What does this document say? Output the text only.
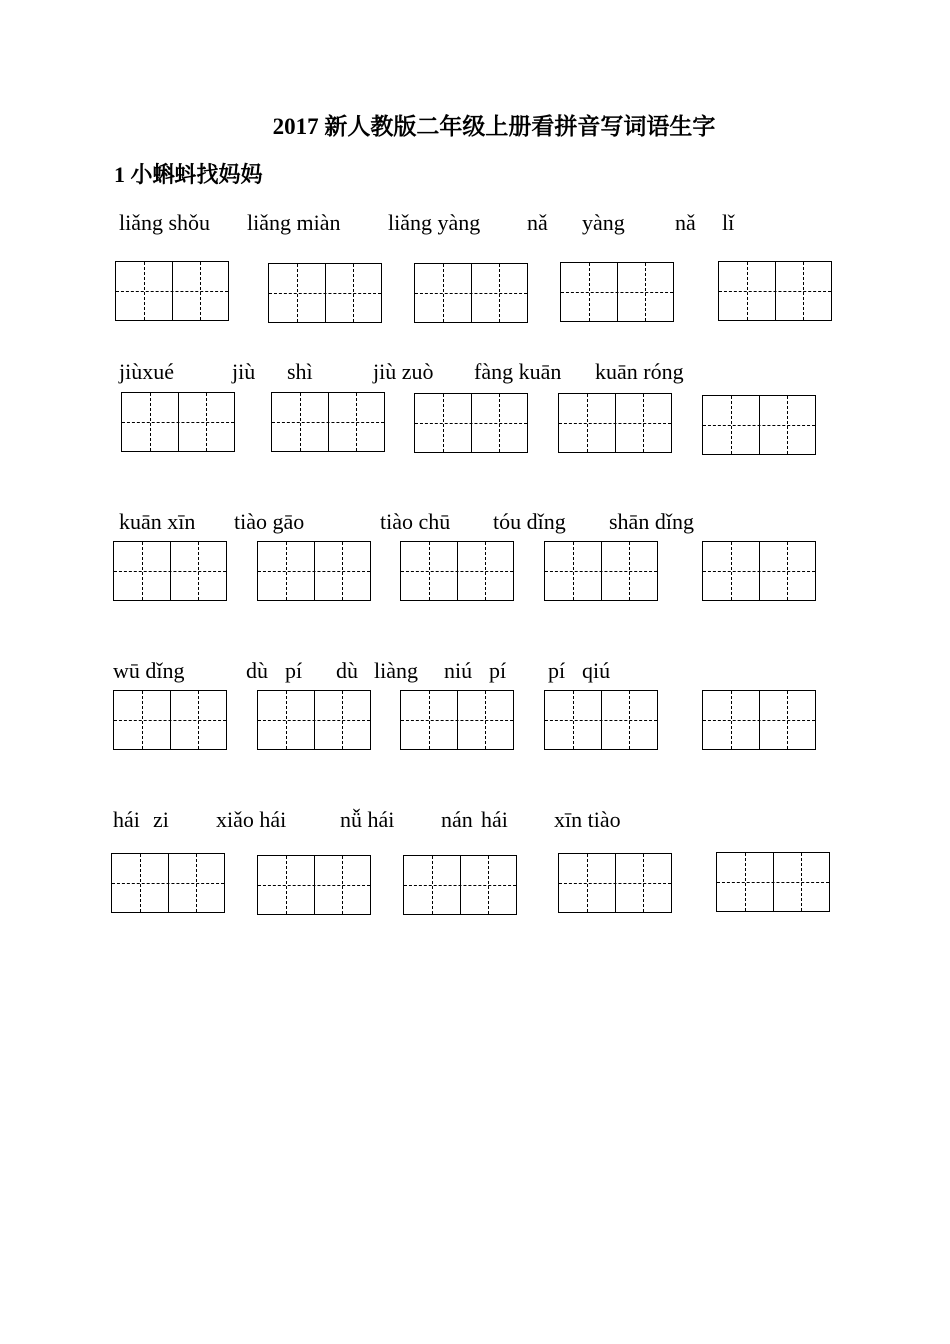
2017 新人教版二年级上册看拼音写词语生字
1 小蝌蚪找妈妈
liǎng shǒu liǎng miàn liǎng yàng nǎ yàng nǎ lǐ
jiùxué	jiù shì	jiù zuò fàng kuān kuān róng
kuān xīn tiào gāo	tiào chū tóu dǐng shān dǐng
wū dǐng	dù pí dù liàng niú pí pí qiú
hái zi xiǎo hái nǚ hái nán hái xīn tiào
